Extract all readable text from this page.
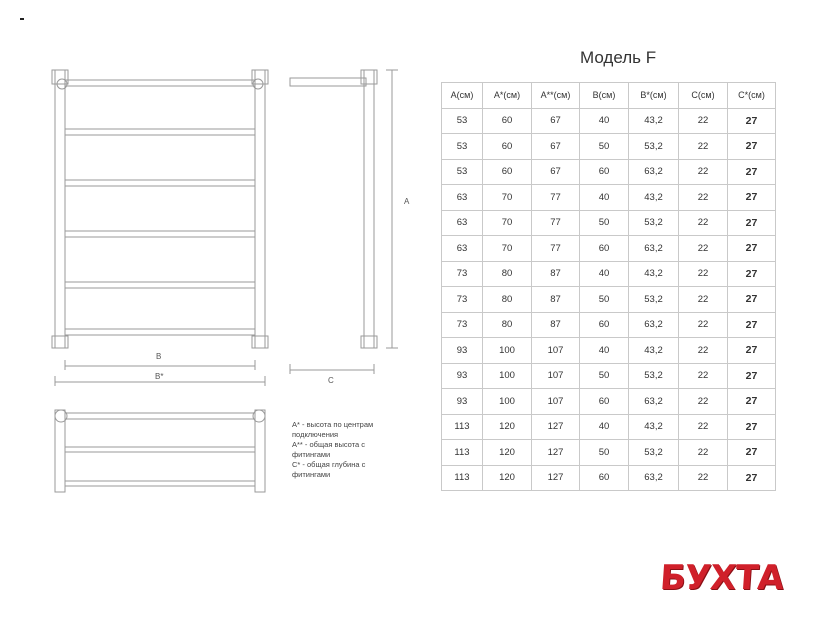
B
B*
A
C
A* - высота по центрам
подключения
A** - общая высота с
фитингами
C* - общая глубина с
фитингами
Модель F
A(см)	A*(см)	A**(см)	B(см)	B*(см)	C(см)	C*(см)
53	60	67	40	43,2	22	27
53	60	67	50	53,2	22	27
53	60	67	60	63,2	22	27
63	70	77	40	43,2	22	27
63	70	77	50	53,2	22	27
63	70	77	60	63,2	22	27
73	80	87	40	43,2	22	27
73	80	87	50	53,2	22	27
73	80	87	60	63,2	22	27
93	100	107	40	43,2	22	27
93	100	107	50	53,2	22	27
93	100	107	60	63,2	22	27
113	120	127	40	43,2	22	27
113	120	127	50	53,2	22	27
113	120	127	60	63,2	22	27
БУХТА
